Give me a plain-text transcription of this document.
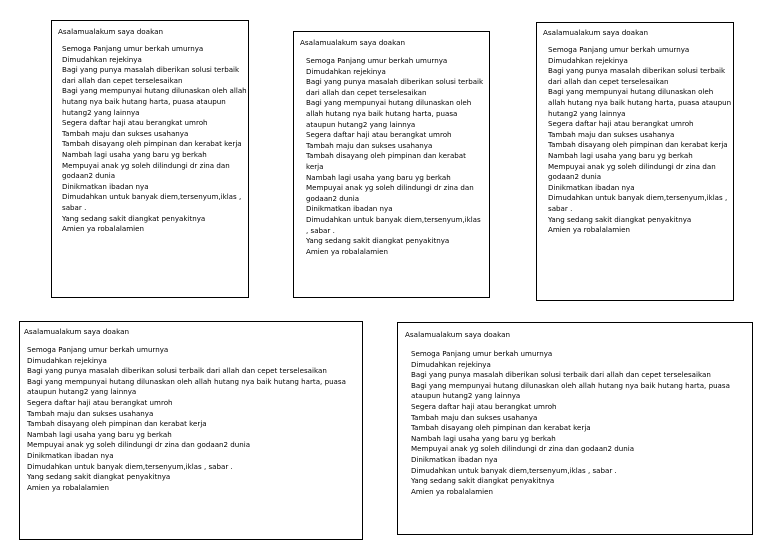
Asalamualakum saya doakan
Semoga Panjang umur berkah umurnya
Dimudahkan rejekinya
Bagi yang punya masalah diberikan solusi terbaik dari allah dan cepet terselesaikan
Bagi yang mempunyai hutang dilunaskan oleh allah hutang nya baik hutang harta, puasa ataupun hutang2 yang lainnya
Segera daftar haji atau berangkat umroh
Tambah maju dan sukses usahanya
Tambah disayang oleh pimpinan dan kerabat kerja
Nambah lagi usaha yang baru yg berkah
Mempuyai anak yg soleh dilindungi dr zina dan godaan2 dunia
Dinikmatkan ibadan nya
Dimudahkan untuk banyak diem,tersenyum,iklas , sabar .
Yang sedang sakit diangkat penyakitnya
Amien ya robalalamien
Asalamualakum saya doakan
Semoga Panjang umur berkah umurnya
Dimudahkan rejekinya
Bagi yang punya masalah diberikan solusi terbaik dari allah dan cepet terselesaikan
Bagi yang mempunyai hutang dilunaskan oleh allah hutang nya baik hutang harta, puasa ataupun hutang2 yang lainnya
Segera daftar haji atau berangkat umroh
Tambah maju dan sukses usahanya
Tambah disayang oleh pimpinan dan kerabat kerja
Nambah lagi usaha yang baru yg berkah
Mempuyai anak yg soleh dilindungi dr zina dan godaan2 dunia
Dinikmatkan ibadan nya
Dimudahkan untuk banyak diem,tersenyum,iklas , sabar .
Yang sedang sakit diangkat penyakitnya
Amien ya robalalamien
Asalamualakum saya doakan
Semoga Panjang umur berkah umurnya
Dimudahkan rejekinya
Bagi yang punya masalah diberikan solusi terbaik dari allah dan cepet terselesaikan
Bagi yang mempunyai hutang dilunaskan oleh allah hutang nya baik hutang harta, puasa ataupun hutang2 yang lainnya
Segera daftar haji atau berangkat umroh
Tambah maju dan sukses usahanya
Tambah disayang oleh pimpinan dan kerabat kerja
Nambah lagi usaha yang baru yg berkah
Mempuyai anak yg soleh dilindungi dr zina dan godaan2 dunia
Dinikmatkan ibadan nya
Dimudahkan untuk banyak diem,tersenyum,iklas , sabar .
Yang sedang sakit diangkat penyakitnya
Amien ya robalalamien
Asalamualakum saya doakan
Semoga Panjang umur berkah umurnya
Dimudahkan rejekinya
Bagi yang punya masalah diberikan solusi terbaik dari allah dan cepet terselesaikan
Bagi yang mempunyai hutang dilunaskan oleh allah hutang nya baik hutang harta, puasa ataupun hutang2 yang lainnya
Segera daftar haji atau berangkat umroh
Tambah maju dan sukses usahanya
Tambah disayang oleh pimpinan dan kerabat kerja
Nambah lagi usaha yang baru yg berkah
Mempuyai anak yg soleh dilindungi dr zina dan godaan2 dunia
Dinikmatkan ibadan nya
Dimudahkan untuk banyak diem,tersenyum,iklas , sabar .
Yang sedang sakit diangkat penyakitnya
Amien ya robalalamien
Asalamualakum saya doakan
Semoga Panjang umur berkah umurnya
Dimudahkan rejekinya
Bagi yang punya masalah diberikan solusi terbaik dari allah dan cepet terselesaikan
Bagi yang mempunyai hutang dilunaskan oleh allah hutang nya baik hutang harta, puasa ataupun hutang2 yang lainnya
Segera daftar haji atau berangkat umroh
Tambah maju dan sukses usahanya
Tambah disayang oleh pimpinan dan kerabat kerja
Nambah lagi usaha yang baru yg berkah
Mempuyai anak yg soleh dilindungi dr zina dan godaan2 dunia
Dinikmatkan ibadan nya
Dimudahkan untuk banyak diem,tersenyum,iklas , sabar .
Yang sedang sakit diangkat penyakitnya
Amien ya robalalamien
